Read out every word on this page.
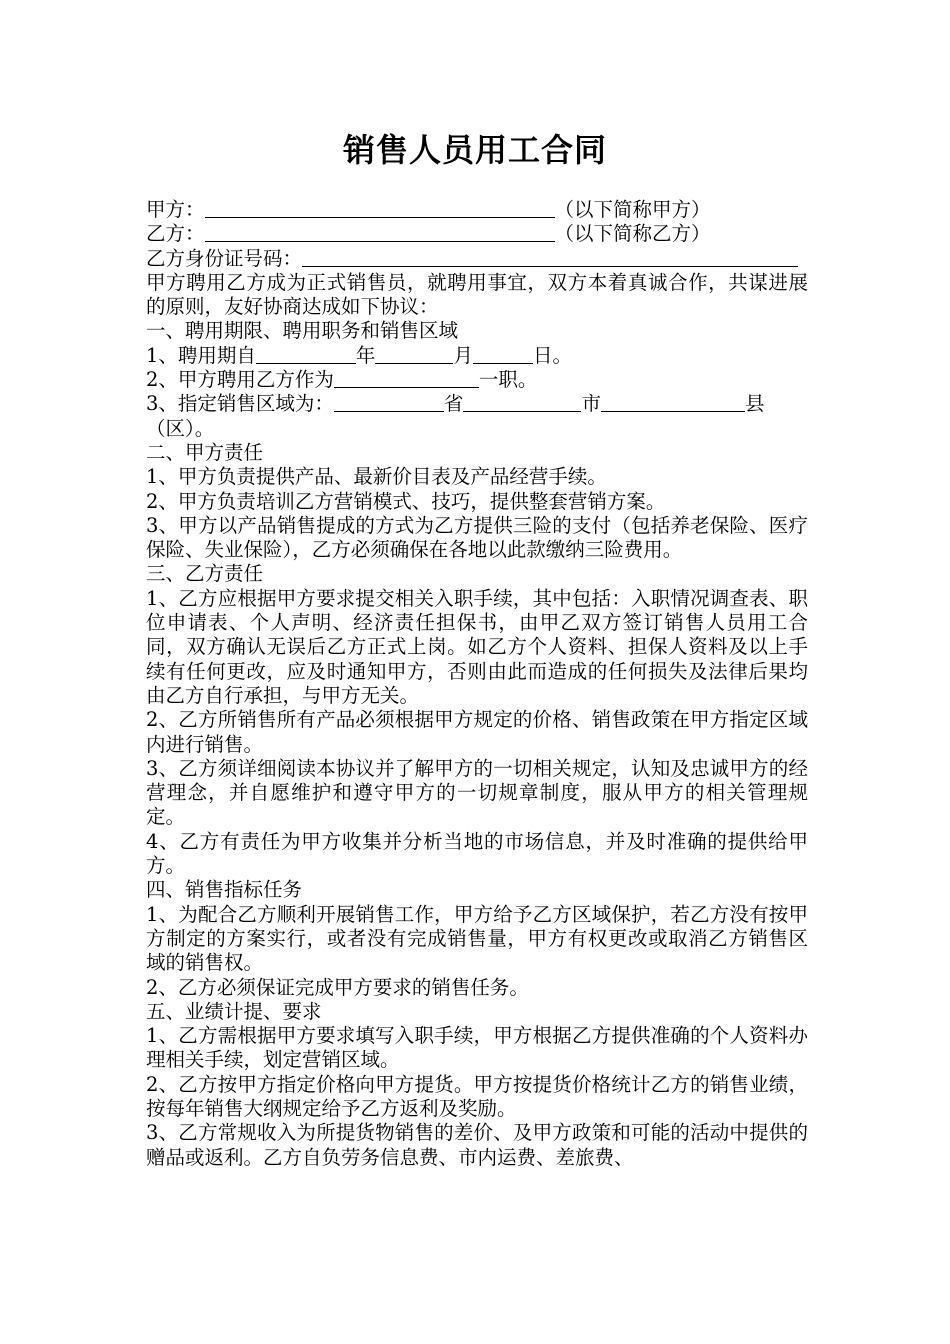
销售人员用工合同
甲方：	（以下简称甲方）
乙方：	（以下简称乙方）
乙方身份证号码：
甲方聘用乙方成为正式销售员，就聘用事宜，双方本着真诚合作，共谋进展的原则，友好协商达成如下协议：
一、聘用期限、聘用职务和销售区域
1、聘用期自	年	月	日。
2、甲方聘用乙方作为	一职。
3、指定销售区域为：	省	市	县
（区）。
二、甲方责任
1、甲方负责提供产品、最新价目表及产品经营手续。
2、甲方负责培训乙方营销模式、技巧，提供整套营销方案。
3、甲方以产品销售提成的方式为乙方提供三险的支付（包括养老保险、医疗保险、失业保险），乙方必须确保在各地以此款缴纳三险费用。
三、乙方责任
1、乙方应根据甲方要求提交相关入职手续，其中包括：入职情况调查表、职位申请表、个人声明、经济责任担保书，由甲乙双方签订销售人员用工合同，双方确认无误后乙方正式上岗。如乙方个人资料、担保人资料及以上手续有任何更改，应及时通知甲方，否则由此而造成的任何损失及法律后果均由乙方自行承担，与甲方无关。
2、乙方所销售所有产品必须根据甲方规定的价格、销售政策在甲方指定区域内进行销售。
3、乙方须详细阅读本协议并了解甲方的一切相关规定，认知及忠诚甲方的经营理念，并自愿维护和遵守甲方的一切规章制度，服从甲方的相关管理规定。
4、乙方有责任为甲方收集并分析当地的市场信息，并及时准确的提供给甲方。
四、销售指标任务
1、为配合乙方顺利开展销售工作，甲方给予乙方区域保护，若乙方没有按甲方制定的方案实行，或者没有完成销售量，甲方有权更改或取消乙方销售区域的销售权。
2、乙方必须保证完成甲方要求的销售任务。
五、业绩计提、要求
1、乙方需根据甲方要求填写入职手续，甲方根据乙方提供准确的个人资料办理相关手续，划定营销区域。
2、乙方按甲方指定价格向甲方提货。甲方按提货价格统计乙方的销售业绩，按每年销售大纲规定给予乙方返利及奖励。
3、乙方常规收入为所提货物销售的差价、及甲方政策和可能的活动中提供的赠品或返利。乙方自负劳务信息费、市内运费、差旅费、
